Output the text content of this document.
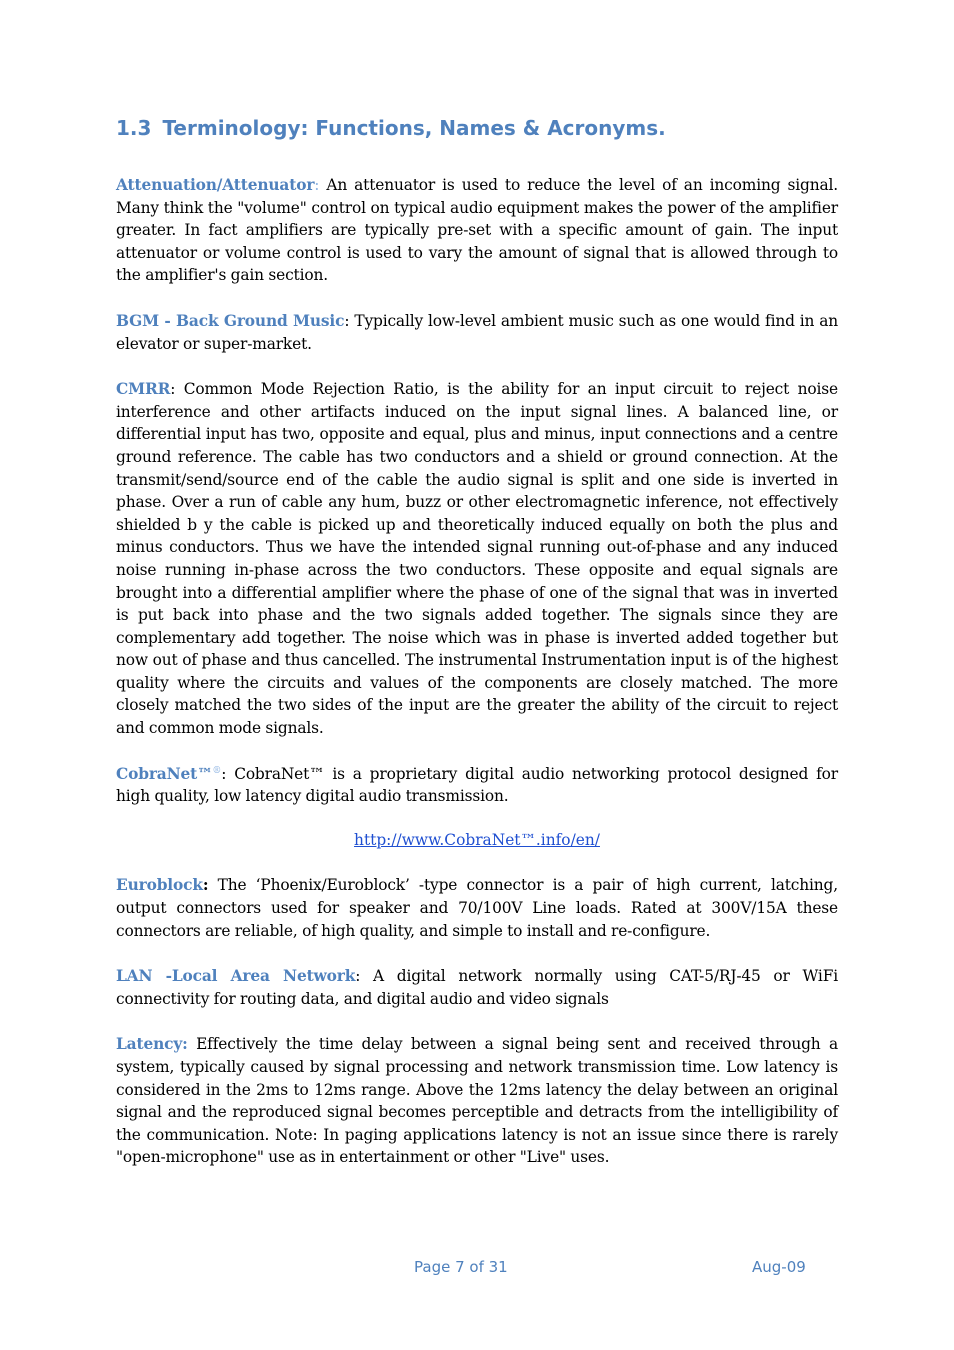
1.3 Terminology: Functions, Names & Acronyms.

Attenuation/Attenuator: An attenuator is used to reduce the level of an incoming signal. Many think the "volume" control on typical audio equipment makes the power of the amplifier greater. In fact amplifiers are typically pre-set with a specific amount of gain. The input attenuator or volume control is used to vary the amount of signal that is allowed through to the amplifier's gain section.

BGM - Back Ground Music: Typically low-level ambient music such as one would find in an elevator or super-market.

CMRR: Common Mode Rejection Ratio, is the ability for an input circuit to reject noise interference and other artifacts induced on the input signal lines. A balanced line, or differential input has two, opposite and equal, plus and minus, input connections and a centre ground reference. The cable has two conductors and a shield or ground connection. At the transmit/send/source end of the cable the audio signal is split and one side is inverted in phase. Over a run of cable any hum, buzz or other electromagnetic inference, not effectively shielded b y the cable is picked up and theoretically induced equally on both the plus and minus conductors. Thus we have the intended signal running out-of-phase and any induced noise running in-phase across the two conductors. These opposite and equal signals are brought into a differential amplifier where the phase of one of the signal that was in inverted is put back into phase and the two signals added together. The signals since they are complementary add together. The noise which was in phase is inverted added together but now out of phase and thus cancelled. The instrumental Instrumentation input is of the highest quality where the circuits and values of the components are closely matched. The more closely matched the two sides of the input are the greater the ability of the circuit to reject and common mode signals.

CobraNet™®: CobraNet™ is a proprietary digital audio networking protocol designed for high quality, low latency digital audio transmission.

http://www.CobraNet™.info/en/

Euroblock: The ‘Phoenix/Euroblock’ -type connector is a pair of high current, latching, output connectors used for speaker and 70/100V Line loads. Rated at 300V/15A these connectors are reliable, of high quality, and simple to install and re-configure.

LAN -Local Area Network: A digital network normally using CAT-5/RJ-45 or WiFi connectivity for routing data, and digital audio and video signals

Latency: Effectively the time delay between a signal being sent and received through a system, typically caused by signal processing and network transmission time. Low latency is considered in the 2ms to 12ms range. Above the 12ms latency the delay between an original signal and the reproduced signal becomes perceptible and detracts from the intelligibility of the communication. Note: In paging applications latency is not an issue since there is rarely "open-microphone" use as in entertainment or other "Live" uses.

Page 7 of 31	Aug-09
